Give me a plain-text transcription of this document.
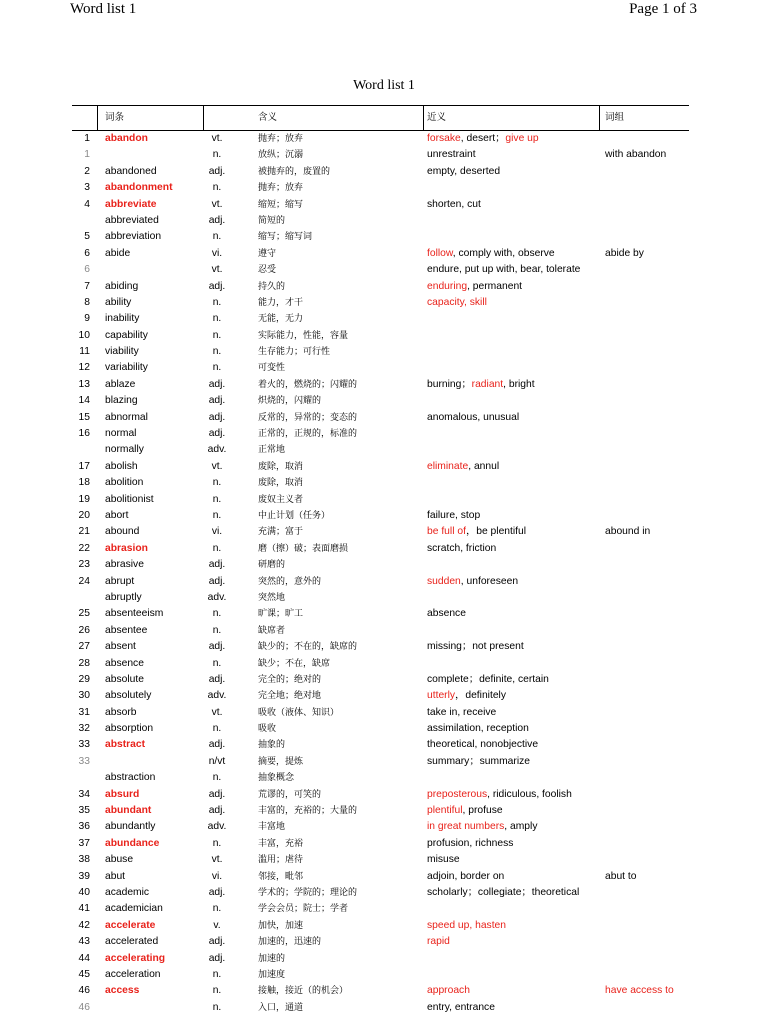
Word list 1	Page 1 of 3
Word list 1
词条	含义	近义	词组
1 abandon	vt.	抛弃；放弃	forsake, desert；give up
1	n.	放纵；沉溺	unrestraint	with abandon
2 abandoned	adj.	被抛弃的，废置的	empty, deserted
3 abandonment	n.	抛弃；放弃
4 abbreviate	vt.	缩短；缩写	shorten, cut
abbreviated	adj.	简短的
5 abbreviation	n.	缩写；缩写词
6 abide	vi.	遵守	follow, comply with, observe	abide by
6	vt.	忍受	endure, put up with, bear, tolerate
7 abiding	adj.	持久的	enduring, permanent
8 ability	n.	能力，才干	capacity, skill
9 inability	n.	无能，无力
10 capability	n.	实际能力，性能，容量
11 viability	n.	生存能力；可行性
12 variability	n.	可变性
13 ablaze	adj.	着火的，燃烧的；闪耀的	burning；radiant, bright
14 blazing	adj.	炽烧的，闪耀的
15 abnormal	adj.	反常的，异常的；变态的	anomalous, unusual
16 normal	adj.	正常的，正规的，标准的
normally	adv.	正常地
17 abolish	vt.	废除，取消	eliminate, annul
18 abolition	n.	废除，取消
19 abolitionist	n.	废奴主义者
20 abort	n.	中止计划（任务）	failure, stop
21 abound	vi.	充满；富于	be full of，be plentiful	abound in
22 abrasion	n.	磨（擦）破；表面磨损	scratch, friction
23 abrasive	adj.	研磨的
24 abrupt	adj.	突然的，意外的	sudden, unforeseen
abruptly	adv.	突然地
25 absenteeism	n.	旷课；旷工	absence
26 absentee	n.	缺席者
27 absent	adj.	缺少的；不在的，缺席的	missing；not present
28 absence	n.	缺少；不在，缺席
29 absolute	adj.	完全的；绝对的	complete；definite, certain
30 absolutely	adv.	完全地；绝对地	utterly，definitely
31 absorb	vt.	吸收（液体、知识）	take in, receive
32 absorption	n.	吸收	assimilation, reception
33 abstract	adj.	抽象的	theoretical, nonobjective
33	n/vt	摘要，提炼	summary；summarize
abstraction	n.	抽象概念
34 absurd	adj.	荒谬的，可笑的	preposterous, ridiculous, foolish
35 abundant	adj.	丰富的，充裕的；大量的	plentiful, profuse
36 abundantly	adv.	丰富地	in great numbers, amply
37 abundance	n.	丰富，充裕	profusion, richness
38 abuse	vt.	滥用；虐待	misuse
39 abut	vi.	邻接，毗邻	adjoin, border on	abut to
40 academic	adj.	学术的；学院的；理论的	scholarly；collegiate；theoretical
41 academician	n.	学会会员；院士；学者
42 accelerate	v.	加快，加速	speed up, hasten
43 accelerated	adj.	加速的，迅速的	rapid
44 accelerating	adj.	加速的
45 acceleration	n.	加速度
46 access	n.	接触，接近（的机会）	approach	have access to
46	n.	入口，通道	entry, entrance
